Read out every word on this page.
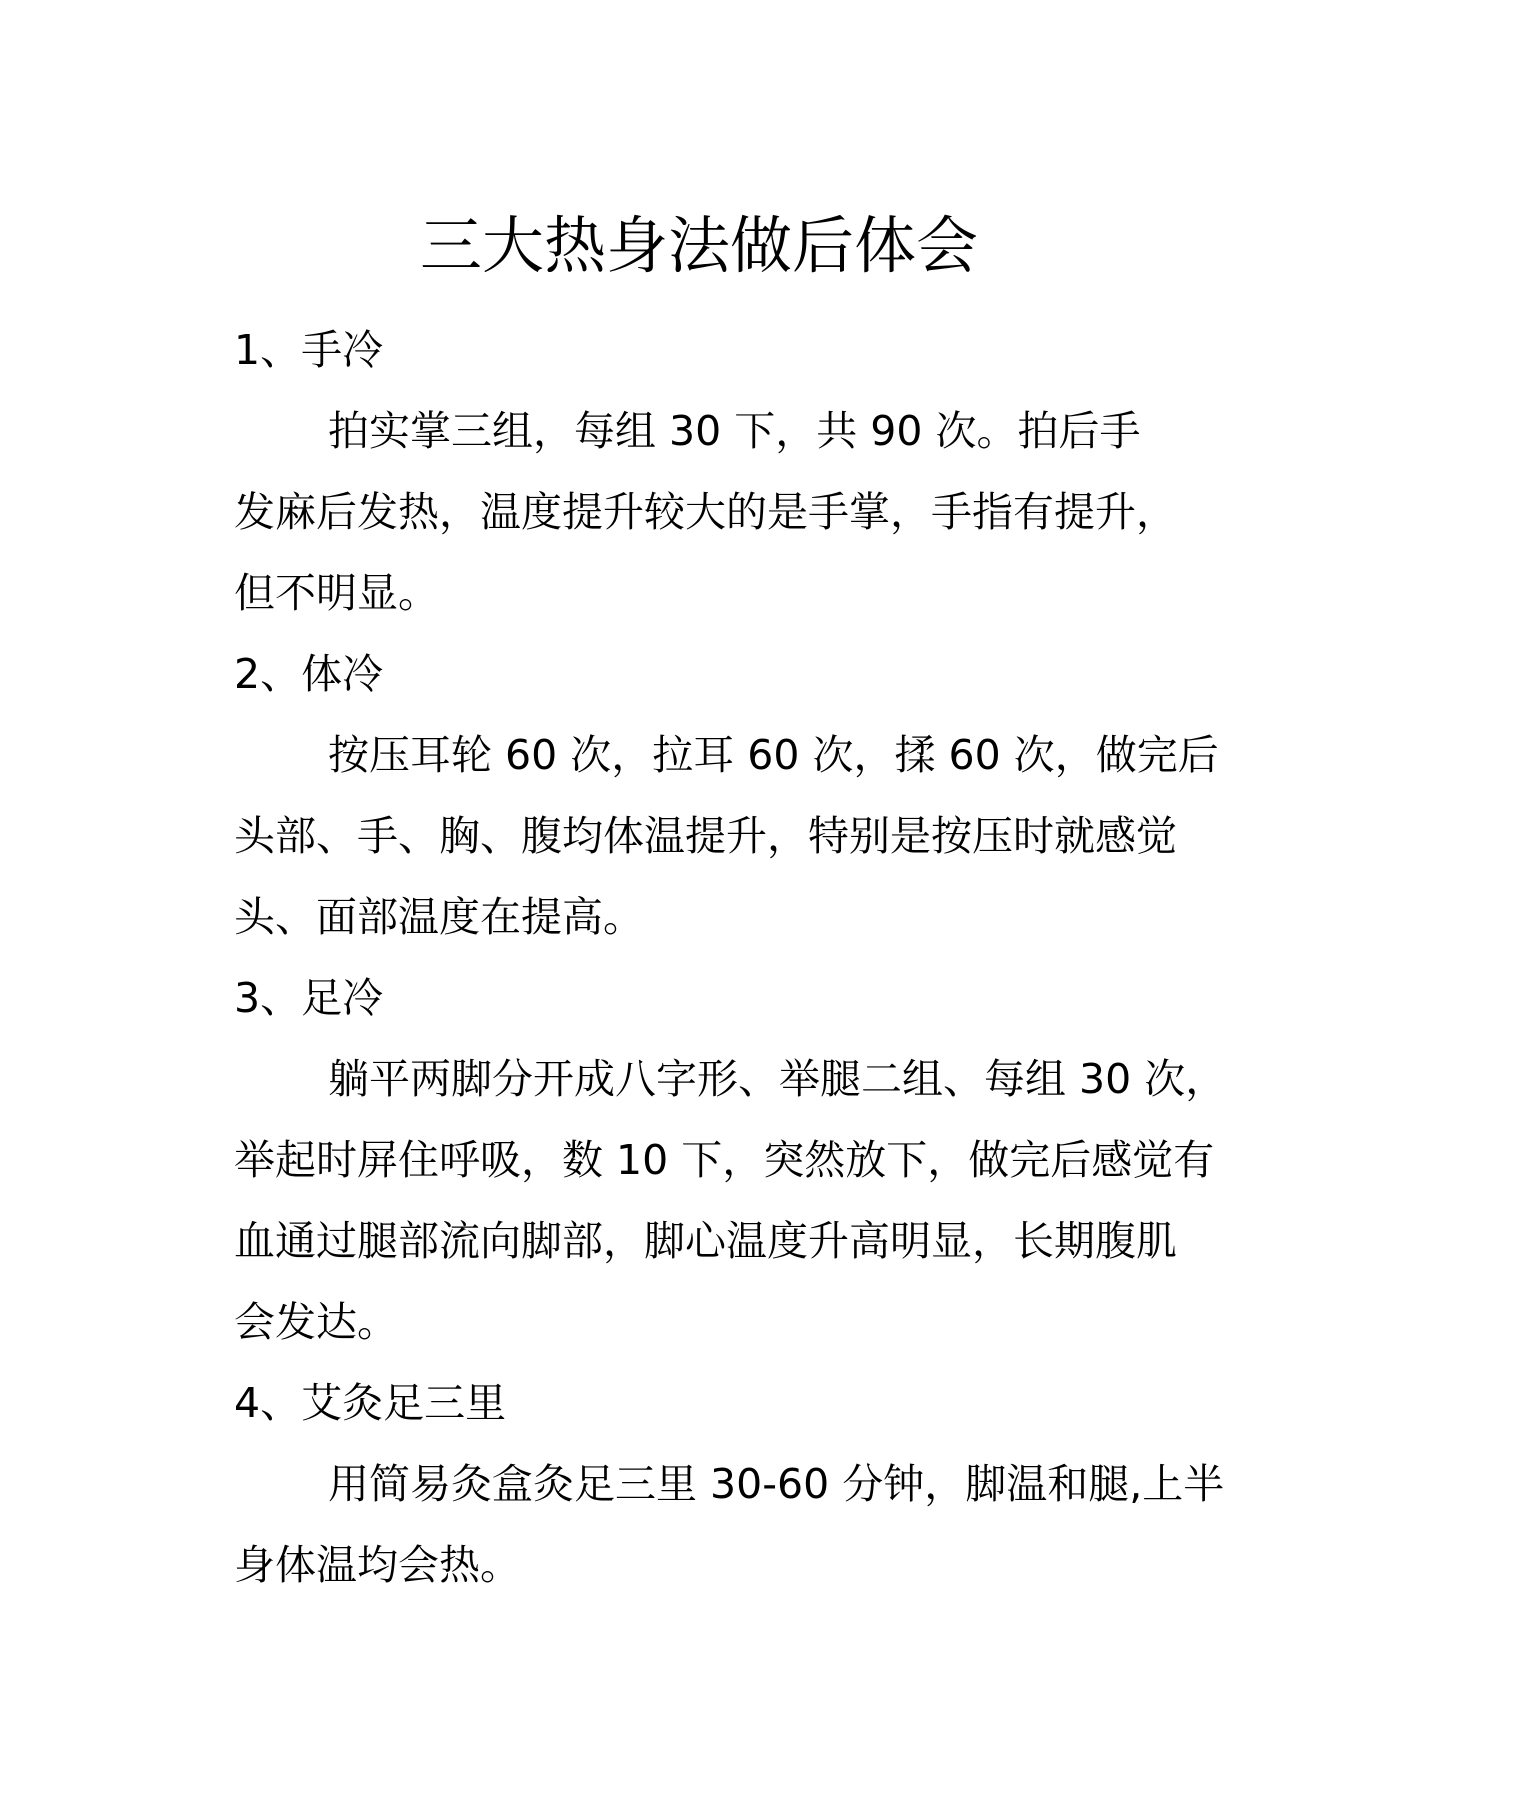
三大热身法做后体会
1、手冷
拍实掌三组，每组 30 下，共 90 次。拍后手
发麻后发热，温度提升较大的是手掌，手指有提升，
但不明显。
2、体冷
按压耳轮 60 次，拉耳 60 次，揉 60 次，做完后
头部、手、胸、腹均体温提升，特别是按压时就感觉
头、面部温度在提高。
3、足冷
躺平两脚分开成八字形、举腿二组、每组 30 次，
举起时屏住呼吸，数 10 下，突然放下，做完后感觉有
血通过腿部流向脚部，脚心温度升高明显，长期腹肌
会发达。
4、艾灸足三里
用简易灸盒灸足三里 30-60 分钟，脚温和腿,上半
身体温均会热。
